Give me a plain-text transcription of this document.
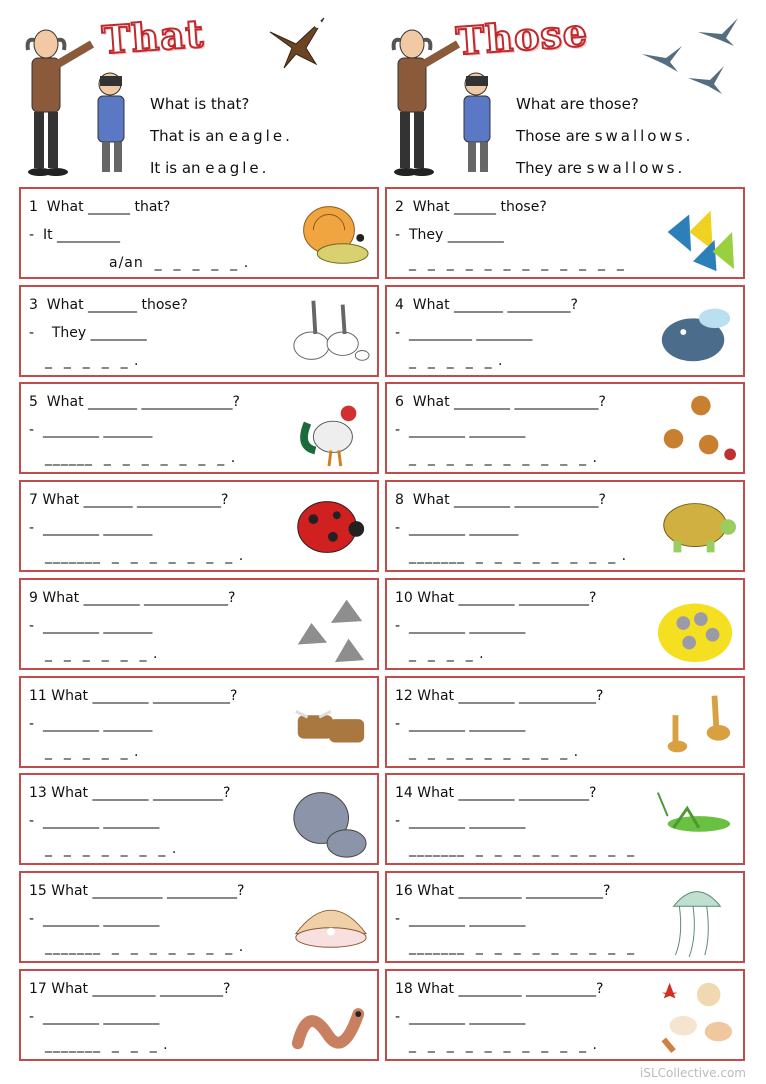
That
What is that?
That is an eagle.
It is an eagle.
Those
What are those?
Those are swallows.
They are swallows.
1  What ______ that?
-  It _________
a/an  _  _  _  _  _ .
2  What ______ those?
-  They ________
_  _  _  _  _  _  _  _  _  _  _  _
3  What _______ those?
-    They ________
_  _  _  _  _ .
4  What _______ _________?
-  _________ ________
_  _  _  _  _ .
5  What _______ _____________?
-  ________ _______
______  _  _  _  _  _  _  _ .
6  What ________ ____________?
-  ________ ________
_  _  _  _  _  _  _  _  _  _ .
7 What _______ ____________?
-  ________ _______
_______  _  _  _  _  _  _  _ .
8  What ________ ____________?
-  ________ _______
_______  _  _  _  _  _  _  _  _ .
9 What ________ ____________?
-  ________ _______
_  _  _  _  _  _ .
10 What ________ __________?
-  ________ ________
_  _  _  _ .
11 What ________ ___________?
-  ________ _______
_  _  _  _  _ .
12 What ________ ___________?
-  ________ ________
_  _  _  _  _  _  _  _  _ .
13 What ________ __________?
-  ________ ________
_  _  _  _  _  _  _ .
14 What ________ __________?
-  ________ ________
_______  _  _  _  _  _  _  _  _  _
15 What __________ __________?
-  ________ ________
_______  _  _  _  _  _  _  _ .
16 What _________ ___________?
-  ________ ________
_______  _  _  _  _  _  _  _  _  _
17 What _________ _________?
-  ________ ________
_______  _  _  _ .
18 What _________ __________?
-  ________ ________
_  _  _  _  _  _  _  _  _  _ .
iSLCollective.com
